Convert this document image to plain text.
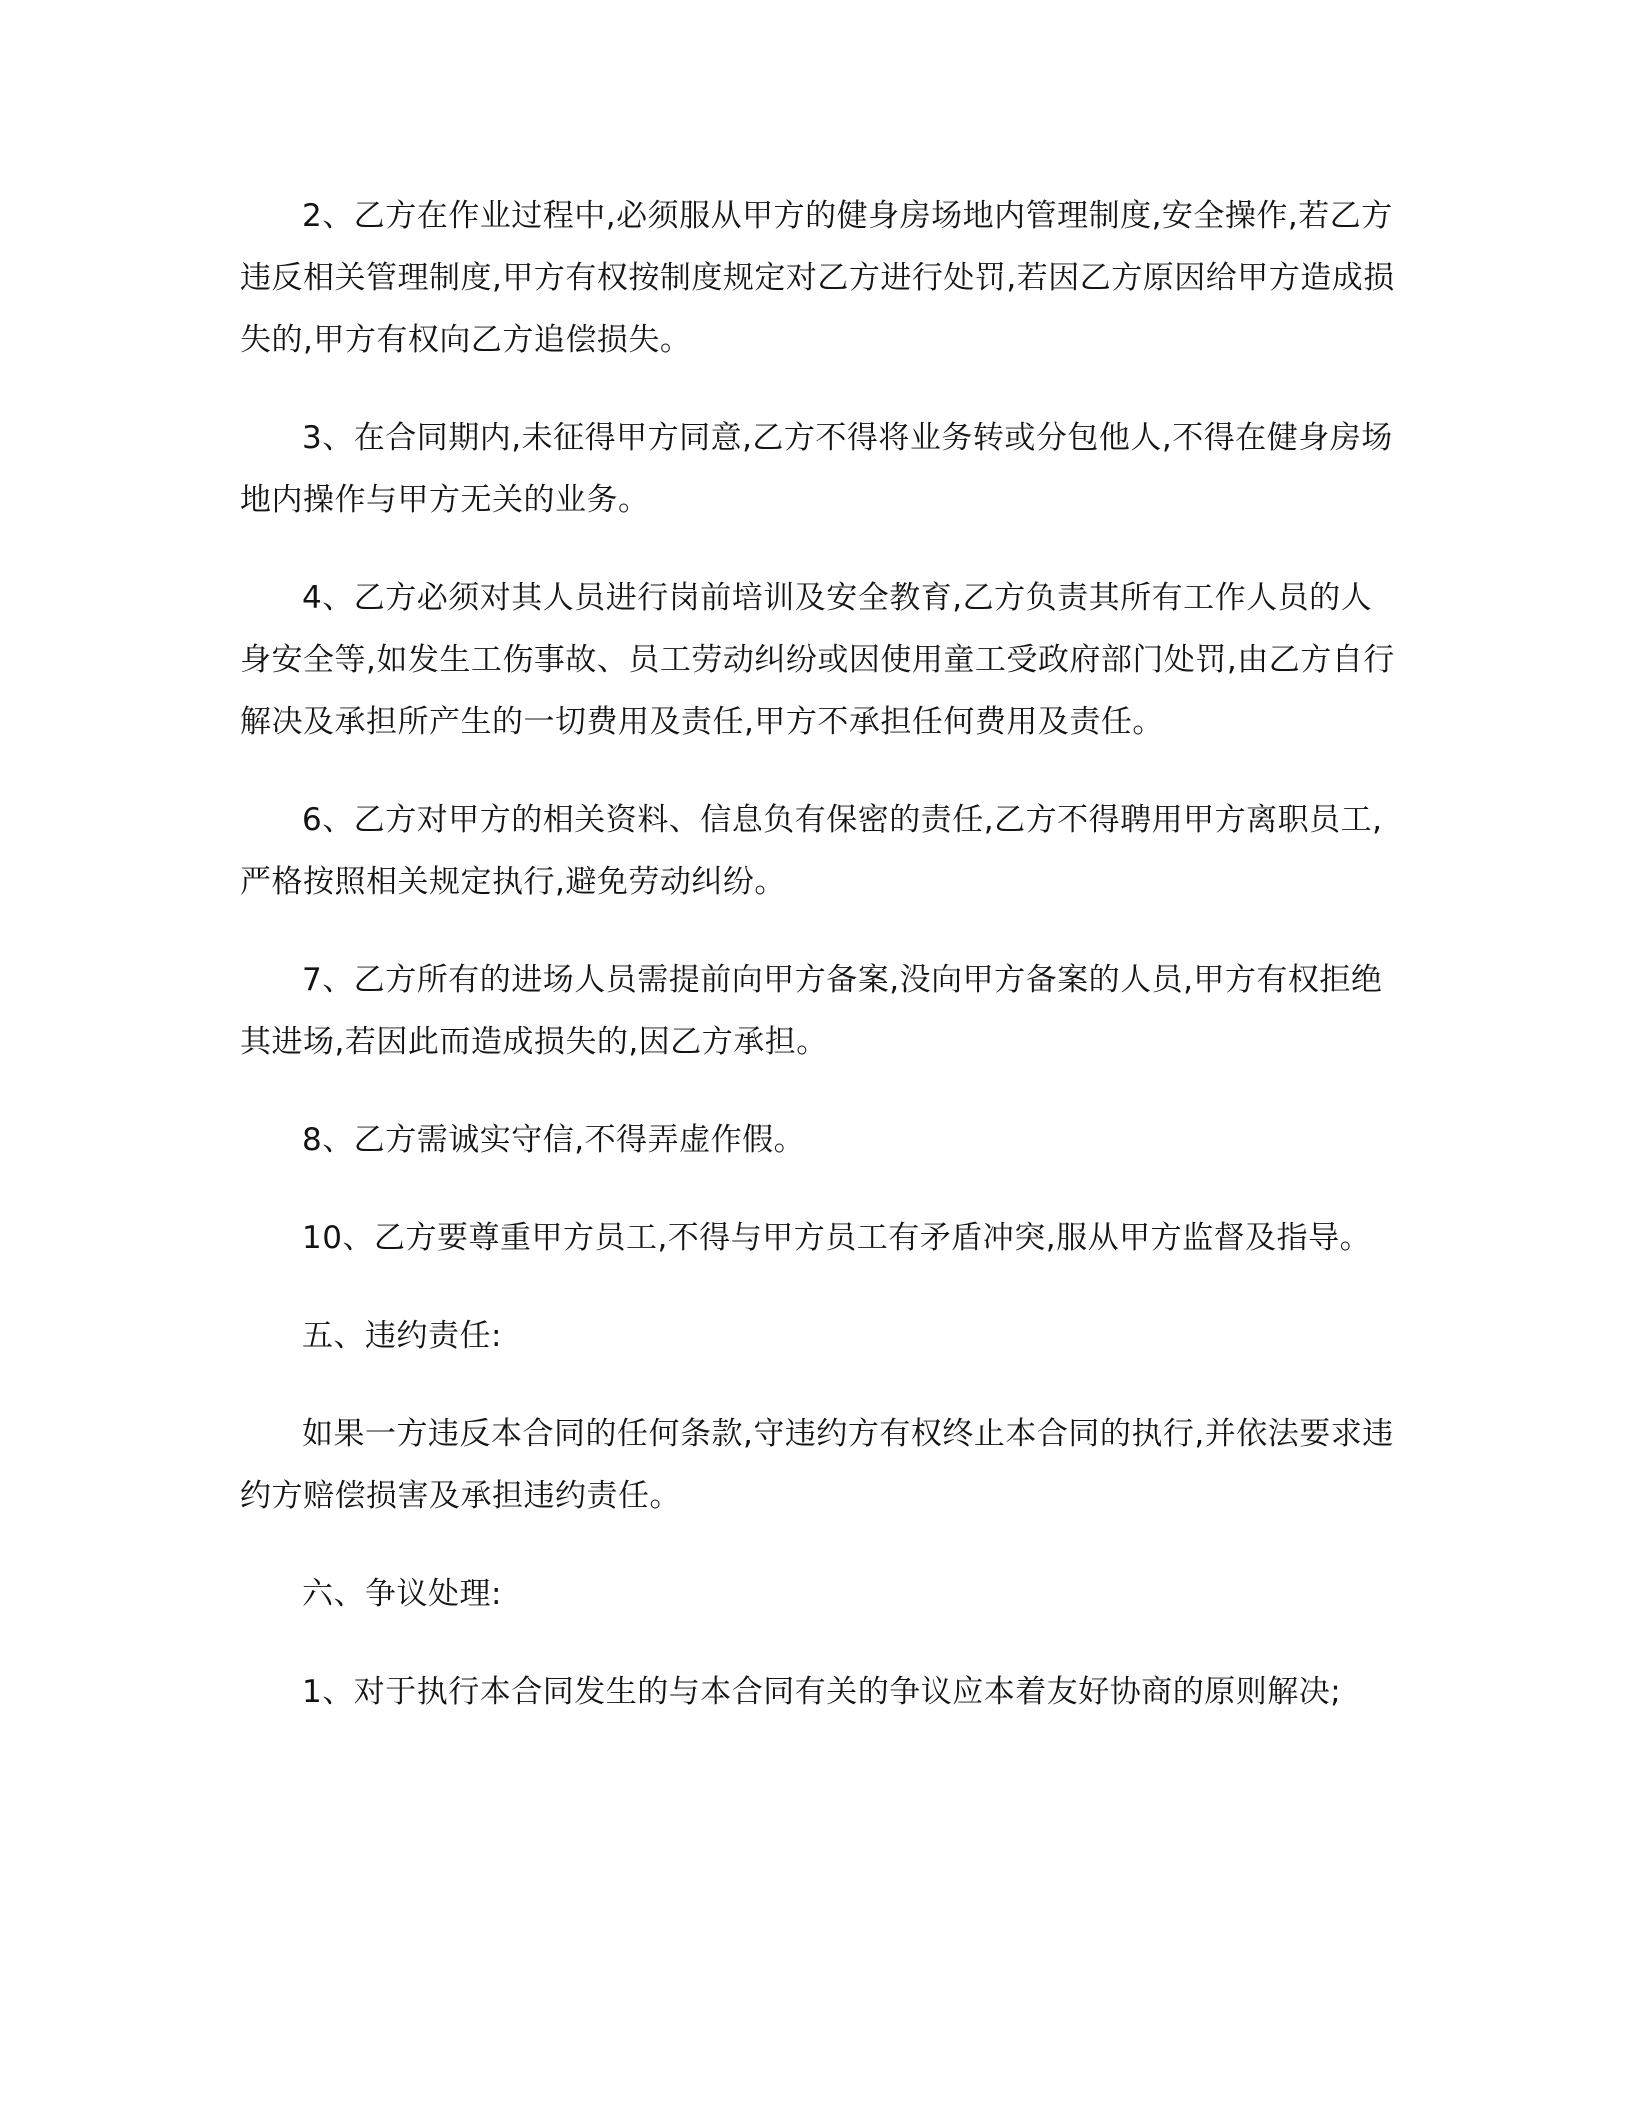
2、乙方在作业过程中,必须服从甲方的健身房场地内管理制度,安全操作,若乙方违反相关管理制度,甲方有权按制度规定对乙方进行处罚,若因乙方原因给甲方造成损失的,甲方有权向乙方追偿损失。

3、在合同期内,未征得甲方同意,乙方不得将业务转或分包他人,不得在健身房场地内操作与甲方无关的业务。

4、乙方必须对其人员进行岗前培训及安全教育,乙方负责其所有工作人员的人身安全等,如发生工伤事故、员工劳动纠纷或因使用童工受政府部门处罚,由乙方自行解决及承担所产生的一切费用及责任,甲方不承担任何费用及责任。

6、乙方对甲方的相关资料、信息负有保密的责任,乙方不得聘用甲方离职员工,严格按照相关规定执行,避免劳动纠纷。

7、乙方所有的进场人员需提前向甲方备案,没向甲方备案的人员,甲方有权拒绝其进场,若因此而造成损失的,因乙方承担。

8、乙方需诚实守信,不得弄虚作假。

10、乙方要尊重甲方员工,不得与甲方员工有矛盾冲突,服从甲方监督及指导。

五、违约责任:

如果一方违反本合同的任何条款,守违约方有权终止本合同的执行,并依法要求违约方赔偿损害及承担违约责任。

六、争议处理:

1、对于执行本合同发生的与本合同有关的争议应本着友好协商的原则解决;
